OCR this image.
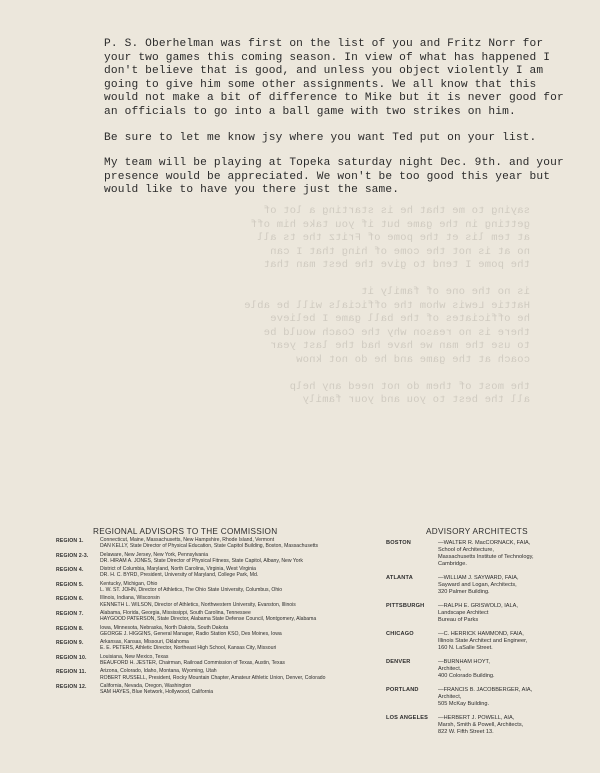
saying to me that he is starting a lot of
getting in the game but if you take him off
at tem lis et the pome of Fritz the ts all
no at is not the come of hing that I can
the pome I tend to give the best man that
is no the one of family it
Hattie Lewis whom the officials will be able
he officiates of the ball game I believe
there is no reason why the Coach would be
to use the man we have had the last year
coach at the game and he do not know
the most of them do not need any help
all the best to you and your family

P. S. Oberhelman was first on the list of you and Fritz Norr for your two games this coming season. In view of what has happened I don't believe that is good, and unless you object violently I am going to give him some other assignments. We all know that this would not make a bit of difference to Mike but it is never good for an officials to go into a ball game with two strikes on him.

Be sure to let me know jsy where you want Ted put on your list.

My team will be playing at Topeka saturday night Dec. 9th. and your presence would be appreciated. We won't be too good this year but would like to have you there just the same.

REGIONAL ADVISORS TO THE COMMISSION
REGION 1.	Connecticut, Maine, Massachusetts, New Hampshire, Rhode Island, Vermont
DAN KELLY, State Director of Physical Education, State Capitol Building, Boston, Massachusetts
REGION 2-3.	Delaware, New Jersey, New York, Pennsylvania
DR. HIRAM A. JONES, State Director of Physical Fitness, State Capitol, Albany, New York
REGION 4.	District of Columbia, Maryland, North Carolina, Virginia, West Virginia
DR. H. C. BYRD, President, University of Maryland, College Park, Md.
REGION 5.	Kentucky, Michigan, Ohio
L. W. ST. JOHN, Director of Athletics, The Ohio State University, Columbus, Ohio
REGION 6.	Illinois, Indiana, Wisconsin
KENNETH L. WILSON, Director of Athletics, Northwestern University, Evanston, Illinois
REGION 7.	Alabama, Florida, Georgia, Mississippi, South Carolina, Tennessee
HAYGOOD PATERSON, State Director, Alabama State Defense Council, Montgomery, Alabama
REGION 8.	Iowa, Minnesota, Nebraska, North Dakota, South Dakota
GEORGE J. HIGGINS, General Manager, Radio Station KSO, Des Moines, Iowa
REGION 9.	Arkansas, Kansas, Missouri, Oklahoma
E. E. PETERS, Athletic Director, Northeast High School, Kansas City, Missouri
REGION 10.	Louisiana, New Mexico, Texas
BEAUFORD H. JESTER, Chairman, Railroad Commission of Texas, Austin, Texas
REGION 11.	Arizona, Colorado, Idaho, Montana, Wyoming, Utah
ROBERT RUSSELL, President, Rocky Mountain Chapter, Amateur Athletic Union, Denver, Colorado
REGION 12.	California, Nevada, Oregon, Washington
SAM HAYES, Blue Network, Hollywood, California
ADVISORY ARCHITECTS
BOSTON	—WALTER R. MacCORNACK, FAIA,
School of Architecture,
Massachusetts Institute of Technology,
Cambridge.
ATLANTA	—WILLIAM J. SAYWARD, FAIA,
Sayward and Logan, Architects,
320 Palmer Building.
PITTSBURGH	—RALPH E. GRISWOLD, IALA,
Landscape Architect
Bureau of Parks
CHICAGO	—C. HERRICK HAMMOND, FAIA,
Illinois State Architect and Engineer,
160 N. LaSalle Street.
DENVER	—BURNHAM HOYT,
Architect,
400 Colorado Building.
PORTLAND	—FRANCIS B. JACOBBERGER, AIA,
Architect,
505 McKay Building.
LOS ANGELES	—HERBERT J. POWELL, AIA,
Marsh, Smith & Powell, Architects,
822 W. Fifth Street 13.
